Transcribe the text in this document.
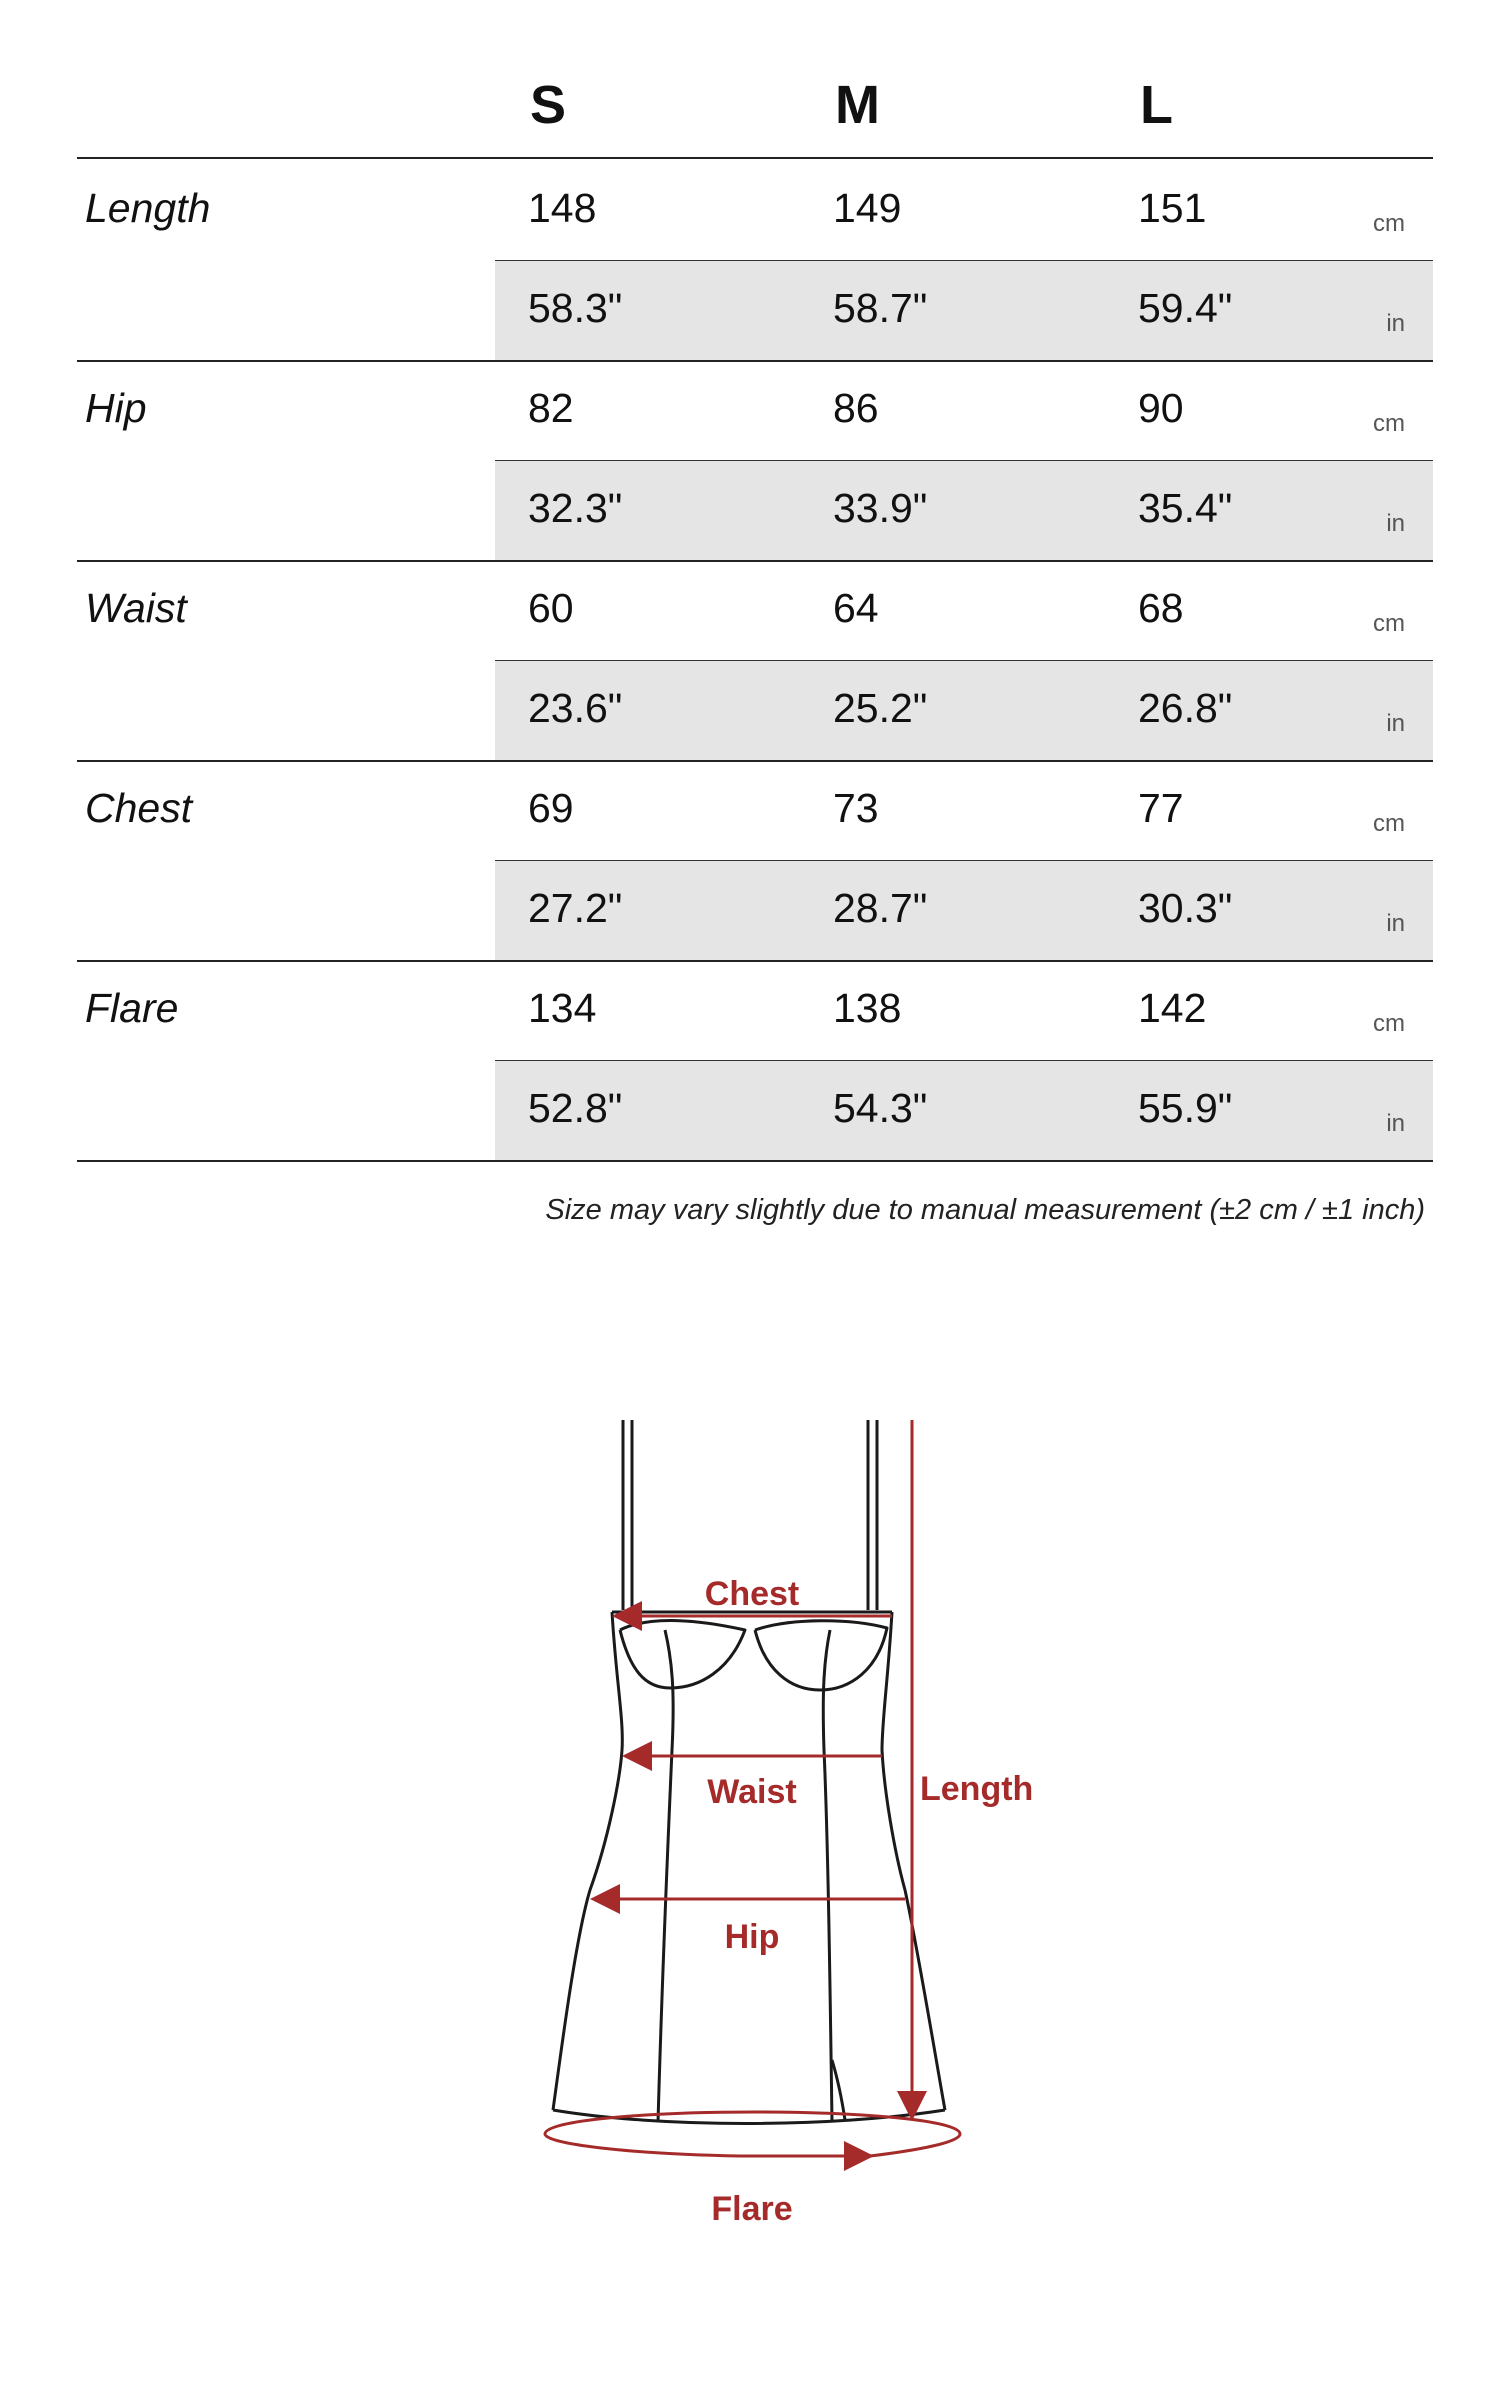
S	M	L
Length	148	149	151	cm
58.3"	58.7"	59.4"	in
Hip	82	86	90	cm
32.3"	33.9"	35.4"	in
Waist	60	64	68	cm
23.6"	25.2"	26.8"	in
Chest	69	73	77	cm
27.2"	28.7"	30.3"	in
Flare	134	138	142	cm
52.8"	54.3"	55.9"	in
Size may vary slightly due to manual measurement (±2 cm / ±1 inch)
Chest
Waist	Length
Hip
Flare
